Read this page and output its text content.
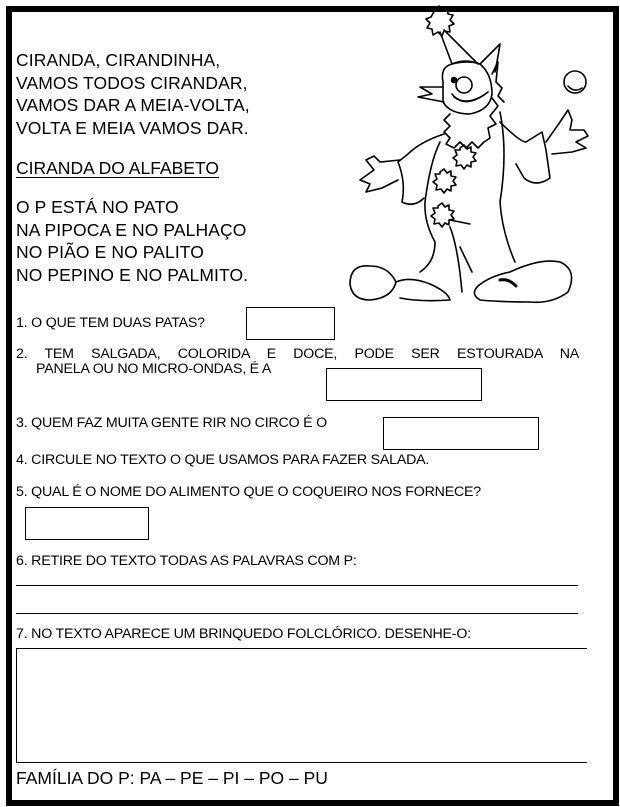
CIRANDA, CIRANDINHA,
VAMOS TODOS CIRANDAR,
VAMOS DAR A MEIA-VOLTA,
VOLTA E MEIA VAMOS DAR.
CIRANDA DO ALFABETO
O P ESTÁ NO PATO
NA PIPOCA E NO PALHAÇO
NO PIÃO E NO PALITO
NO PEPINO E NO PALMITO.
1. O QUE TEM DUAS PATAS?
2. TEM SALGADA, COLORIDA E DOCE, PODE SER ESTOURADA NA
PANELA OU NO MICRO-ONDAS, É A
3. QUEM FAZ MUITA GENTE RIR NO CIRCO É O
4. CIRCULE NO TEXTO O QUE USAMOS PARA FAZER SALADA.
5. QUAL É O NOME DO ALIMENTO QUE O COQUEIRO NOS FORNECE?
6. RETIRE DO TEXTO TODAS AS PALAVRAS COM P:
7. NO TEXTO APARECE UM BRINQUEDO FOLCLÓRICO. DESENHE-O:
FAMÍLIA DO P: PA – PE – PI – PO – PU
